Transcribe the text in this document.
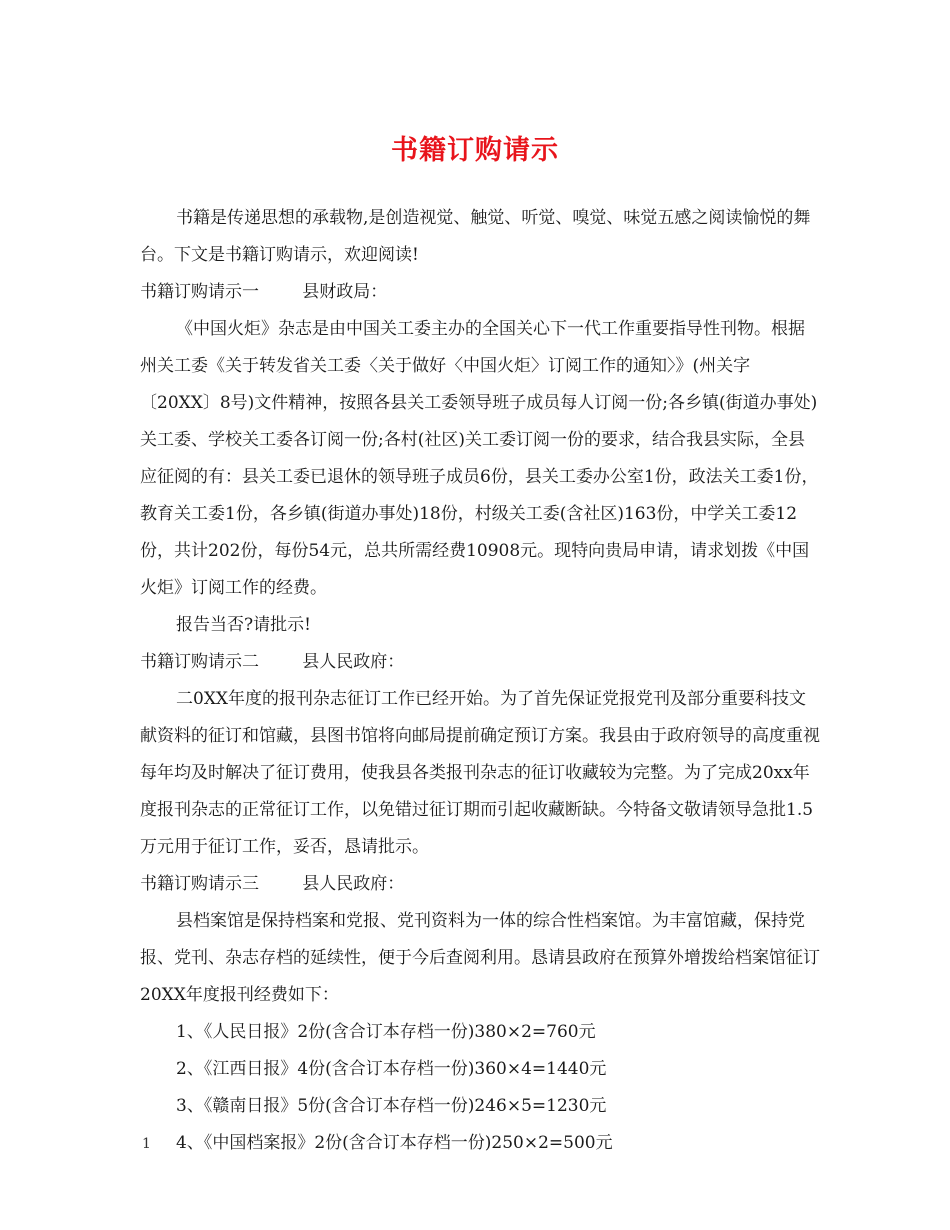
书籍订购请示

书籍是传递思想的承载物,是创造视觉、触觉、听觉、嗅觉、味觉五感之阅读愉悦的舞台。下文是书籍订购请示，欢迎阅读!

书籍订购请示一	县财政局：

《中国火炬》杂志是由中国关工委主办的全国关心下一代工作重要指导性刊物。根据州关工委《关于转发省关工委〈关于做好〈中国火炬〉订阅工作的通知〉》(州关字〔20XX〕8号)文件精神，按照各县关工委领导班子成员每人订阅一份;各乡镇(街道办事处)关工委、学校关工委各订阅一份;各村(社区)关工委订阅一份的要求，结合我县实际，全县应征阅的有：县关工委已退休的领导班子成员6份，县关工委办公室1份，政法关工委1份，教育关工委1份，各乡镇(街道办事处)18份，村级关工委(含社区)163份，中学关工委12份，共计202份，每份54元，总共所需经费10908元。现特向贵局申请，请求划拨《中国火炬》订阅工作的经费。

报告当否?请批示!

书籍订购请示二	县人民政府：

二0XX年度的报刊杂志征订工作已经开始。为了首先保证党报党刊及部分重要科技文献资料的征订和馆藏，县图书馆将向邮局提前确定预订方案。我县由于政府领导的高度重视每年均及时解决了征订费用，使我县各类报刊杂志的征订收藏较为完整。为了完成20xx年度报刊杂志的正常征订工作，以免错过征订期而引起收藏断缺。今特备文敬请领导急批1.5万元用于征订工作，妥否，恳请批示。

书籍订购请示三	县人民政府：

县档案馆是保持档案和党报、党刊资料为一体的综合性档案馆。为丰富馆藏，保持党报、党刊、杂志存档的延续性，便于今后查阅利用。恳请县政府在预算外增拨给档案馆征订20XX年度报刊经费如下：

1、《人民日报》2份(含合订本存档一份)380×2=760元
2、《江西日报》4份(含合订本存档一份)360×4=1440元
3、《赣南日报》5份(含合订本存档一份)246×5=1230元
4、《中国档案报》2份(含合订本存档一份)250×2=500元
1
